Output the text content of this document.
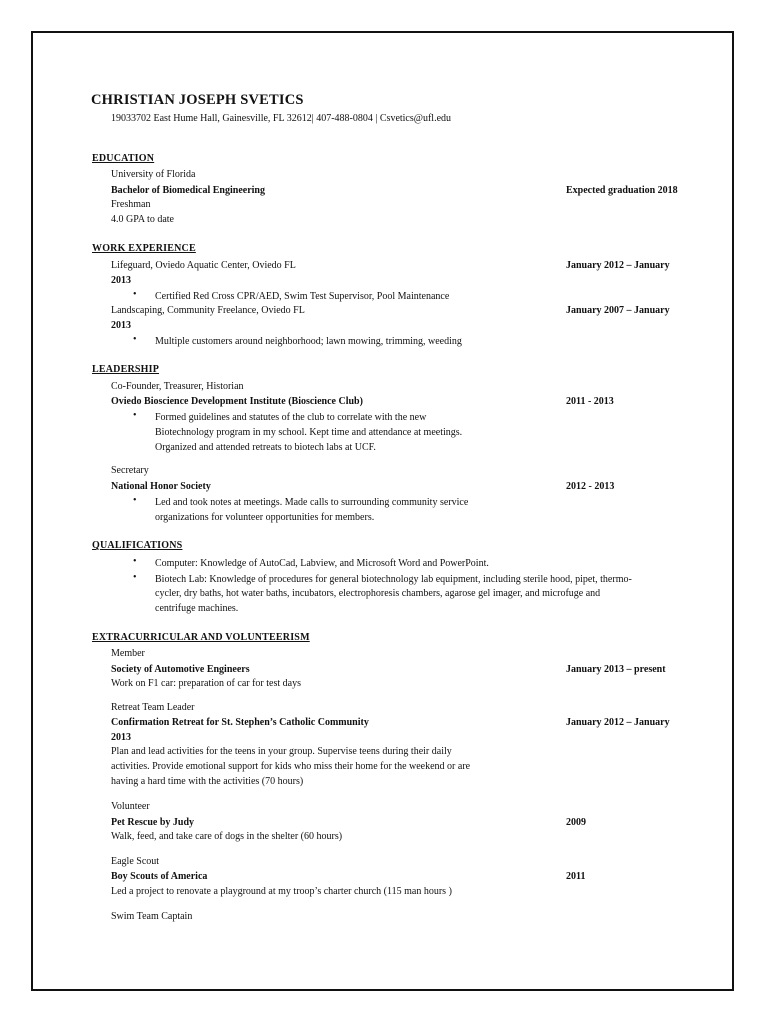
CHRISTIAN JOSEPH SVETICS
19033702 East Hume Hall, Gainesville, FL 32612| 407-488-0804 | Csvetics@ufl.edu
EDUCATION
University of Florida
Bachelor of Biomedical Engineering	Expected graduation 2018
Freshman
4.0 GPA to date
WORK EXPERIENCE
Lifeguard, Oviedo Aquatic Center, Oviedo FL	January 2012 – January
2013
• Certified Red Cross CPR/AED, Swim Test Supervisor, Pool Maintenance
Landscaping, Community Freelance, Oviedo FL	January 2007 – January
2013
• Multiple customers around neighborhood; lawn mowing, trimming, weeding
LEADERSHIP
Co-Founder, Treasurer, Historian
Oviedo Bioscience Development Institute (Bioscience Club)	2011 - 2013
• Formed guidelines and statutes of the club to correlate with the new
Biotechnology program in my school. Kept time and attendance at meetings.
Organized and attended retreats to biotech labs at UCF.
Secretary
National Honor Society	2012 - 2013
• Led and took notes at meetings. Made calls to surrounding community service
organizations for volunteer opportunities for members.
QUALIFICATIONS
• Computer: Knowledge of AutoCad, Labview, and Microsoft Word and PowerPoint.
• Biotech Lab: Knowledge of procedures for general biotechnology lab equipment, including sterile hood, pipet, thermo-
cycler, dry baths, hot water baths, incubators, electrophoresis chambers, agarose gel imager, and microfuge and
centrifuge machines.
EXTRACURRICULAR AND VOLUNTEERISM
Member
Society of Automotive Engineers	January 2013 – present
Work on F1 car: preparation of car for test days
Retreat Team Leader
Confirmation Retreat for St. Stephen’s Catholic Community	January 2012 – January
2013
Plan and lead activities for the teens in your group. Supervise teens during their daily
activities. Provide emotional support for kids who miss their home for the weekend or are
having a hard time with the activities (70 hours)
Volunteer
Pet Rescue by Judy	2009
Walk, feed, and take care of dogs in the shelter (60 hours)
Eagle Scout
Boy Scouts of America	2011
Led a project to renovate a playground at my troop’s charter church (115 man hours )
Swim Team Captain
